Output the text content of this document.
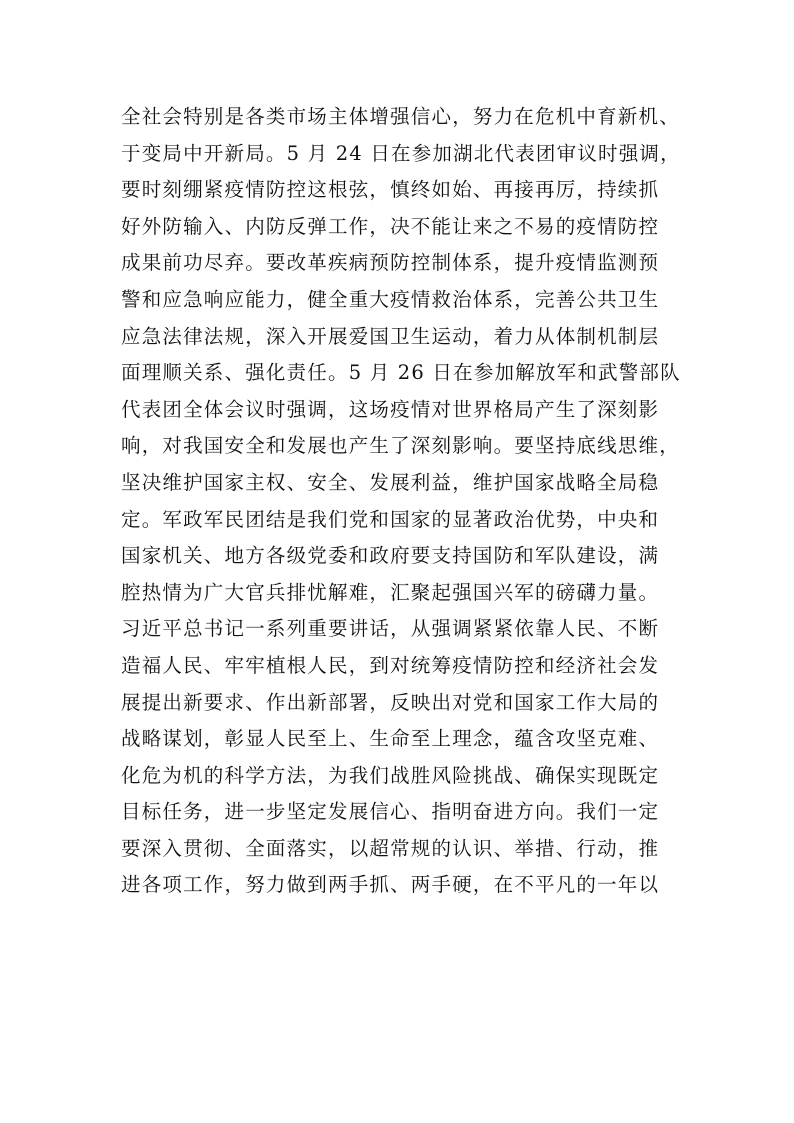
全社会特别是各类市场主体增强信心，努力在危机中育新机、
于变局中开新局。5 月 24 日在参加湖北代表团审议时强调，
要时刻绷紧疫情防控这根弦，慎终如始、再接再厉，持续抓
好外防输入、内防反弹工作，决不能让来之不易的疫情防控
成果前功尽弃。要改革疾病预防控制体系，提升疫情监测预
警和应急响应能力，健全重大疫情救治体系，完善公共卫生
应急法律法规，深入开展爱国卫生运动，着力从体制机制层
面理顺关系、强化责任。5 月 26 日在参加解放军和武警部队
代表团全体会议时强调，这场疫情对世界格局产生了深刻影
响，对我国安全和发展也产生了深刻影响。要坚持底线思维，
坚决维护国家主权、安全、发展利益，维护国家战略全局稳
定。军政军民团结是我们党和国家的显著政治优势，中央和
国家机关、地方各级党委和政府要支持国防和军队建设，满
腔热情为广大官兵排忧解难，汇聚起强国兴军的磅礴力量。
习近平总书记一系列重要讲话，从强调紧紧依靠人民、不断
造福人民、牢牢植根人民，到对统筹疫情防控和经济社会发
展提出新要求、作出新部署，反映出对党和国家工作大局的
战略谋划，彰显人民至上、生命至上理念，蕴含攻坚克难、
化危为机的科学方法，为我们战胜风险挑战、确保实现既定
目标任务，进一步坚定发展信心、指明奋进方向。我们一定
要深入贯彻、全面落实，以超常规的认识、举措、行动，推
进各项工作，努力做到两手抓、两手硬，在不平凡的一年以
